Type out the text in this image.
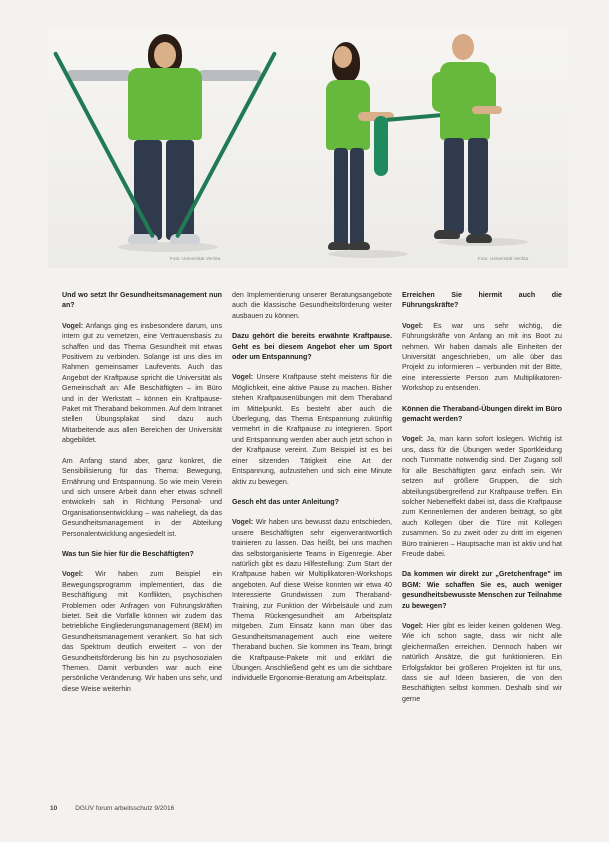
Foto: Universität Vechta	Foto: Universität Vechta

Und wo setzt Ihr Gesundheitsmanagement nun an?

Vogel: Anfangs ging es insbesondere darum, uns intern gut zu vernetzen, eine Vertrauensbasis zu schaffen und das Thema Gesundheit mit etwas Positivem zu verbinden. Solange ist uns dies im Rahmen gemeinsamer Laufevents. Auch das Angebot der Kraftpause spricht die Universität als Gemeinschaft an: Alle Beschäftigten – im Büro und in der Werkstatt – können ein Kraftpause-Paket mit Theraband bekommen. Auf dem Intranet stellen Übungsplakat sind dazu auch Mitarbeitende aus allen Bereichen der Universität abgebildet.

Am Anfang stand aber, ganz konkret, die Sensibilisierung für das Thema: Bewegung, Ernährung und Entspannung. So wie mein Verein und sich unsere Arbeit dann eher etwas schnell entwickeln sah in Richtung Personal- und Organisationsentwicklung – was naheliegt, da das Gesundheitsmanagement in der Abteilung Personalentwicklung angesiedelt ist.

Was tun Sie hier für die Beschäftigten?

Vogel: Wir haben zum Beispiel ein Bewegungsprogramm implementiert, das die Beschäftigung mit Konflikten, psychischen Problemen oder Anfragen von Führungskräften bietet. Seit die Vorfälle können wir zudem das betriebliche Eingliederungsmanagement (BEM) im Gesundheitsmanagement verankert. So hat sich das Spektrum deutlich erweitert – von der Gesundheitsförderung bis hin zu psychosozialen Themen. Damit verbunden war auch eine persönliche Veränderung. Wir haben uns sehr, und diese Weise weiterhin

den Implementierung unserer Beratungsangebote auch die klassische Gesundheitsförderung weiter ausbauen zu können.

Dazu gehört die bereits erwähnte Kraftpause. Geht es bei diesem Angebot eher um Sport oder um Entspannung?

Vogel: Unsere Kraftpause steht meistens für die Möglichkeit, eine aktive Pause zu machen. Bisher stehen Kraftpausenübungen mit dem Theraband im Mittelpunkt. Es besteht aber auch die Überlegung, das Thema Entspannung zukünftig vermehrt in die Kraftpause zu integrieren. Sport und Entspannung werden aber auch jetzt schon in der Kraftpause vereint. Zum Beispiel ist es bei einer sitzenden Tätigkeit eine Art der Entspannung, aufzustehen und sich eine Minute aktiv zu bewegen.

Gesch eht das unter Anleitung?

Vogel: Wir haben uns bewusst dazu entschieden, unsere Beschäftigten sehr eigenverantwortlich trainieren zu lassen. Das heißt, bei uns machen das selbstorganisierte Teams in Eigenregie. Aber natürlich gibt es dazu Hilfestellung: Zum Start der Kraftpause haben wir Multiplikatoren-Workshops angeboten. Auf diese Weise konnten wir etwa 40 Interessierte Grundwissen zum Theraband-Training, zur Funktion der Wirbelsäule und zum Thema Rückengesundheit am Arbeitsplatz mitgeben. Zum Einsatz kann man über das Gesundheitsmanagement auch eine weitere Theraband buchen. Sie kommen ins Team, bringt die Kraftpause-Pakete mit und erklärt die Übungen. Anschließend geht es um die sichtbare individuelle Ergonomie-Beratung am Arbeitsplatz.

Erreichen Sie hiermit auch die Führungskräfte?

Vogel: Es war uns sehr wichtig, die Führungskräfte von Anfang an mit ins Boot zu nehmen. Wir haben damals alle Einheiten der Universität angeschrieben, um alle über das Projekt zu informieren – verbunden mit der Bitte, eine interessierte Person zum Multiplikatoren-Workshop zu entsenden.

Können die Theraband-Übungen direkt im Büro gemacht werden?

Vogel: Ja, man kann sofort loslegen. Wichtig ist uns, dass für die Übungen weder Sportkleidung noch Turnmatte notwendig sind. Der Zugang soll für alle Beschäftigten ganz einfach sein. Wir setzen auf größere Gruppen, die sich abteilungsübergreifend zur Kraftpause treffen. Ein solcher Nebeneffekt dabei ist, dass die Kraftpause zum Kennenlernen der anderen beiträgt, so gibt auch Kollegen über die Türe mit Kollegen zusammen. So zu zweit oder zu dritt im eigenen Büro trainieren – Hauptsache man ist aktiv und hat Freude dabei.

Da kommen wir direkt zur „Gretchenfrage" im BGM: Wie schaffen Sie es, auch weniger gesundheitsbewusste Menschen zur Teilnahme zu bewegen?

Vogel: Hier gibt es leider keinen goldenen Weg. Wie ich schon sagte, dass wir nicht alle gleichermaßen erreichen. Dennoch haben wir natürlich Ansätze, die gut funktionieren. Ein Erfolgsfaktor bei größeren Projekten ist für uns, dass sie auf Ideen basieren, die von den Beschäftigten selbst kommen. Deshalb sind wir gerne

10	DGUV forum arbeitsschutz 9/2016
